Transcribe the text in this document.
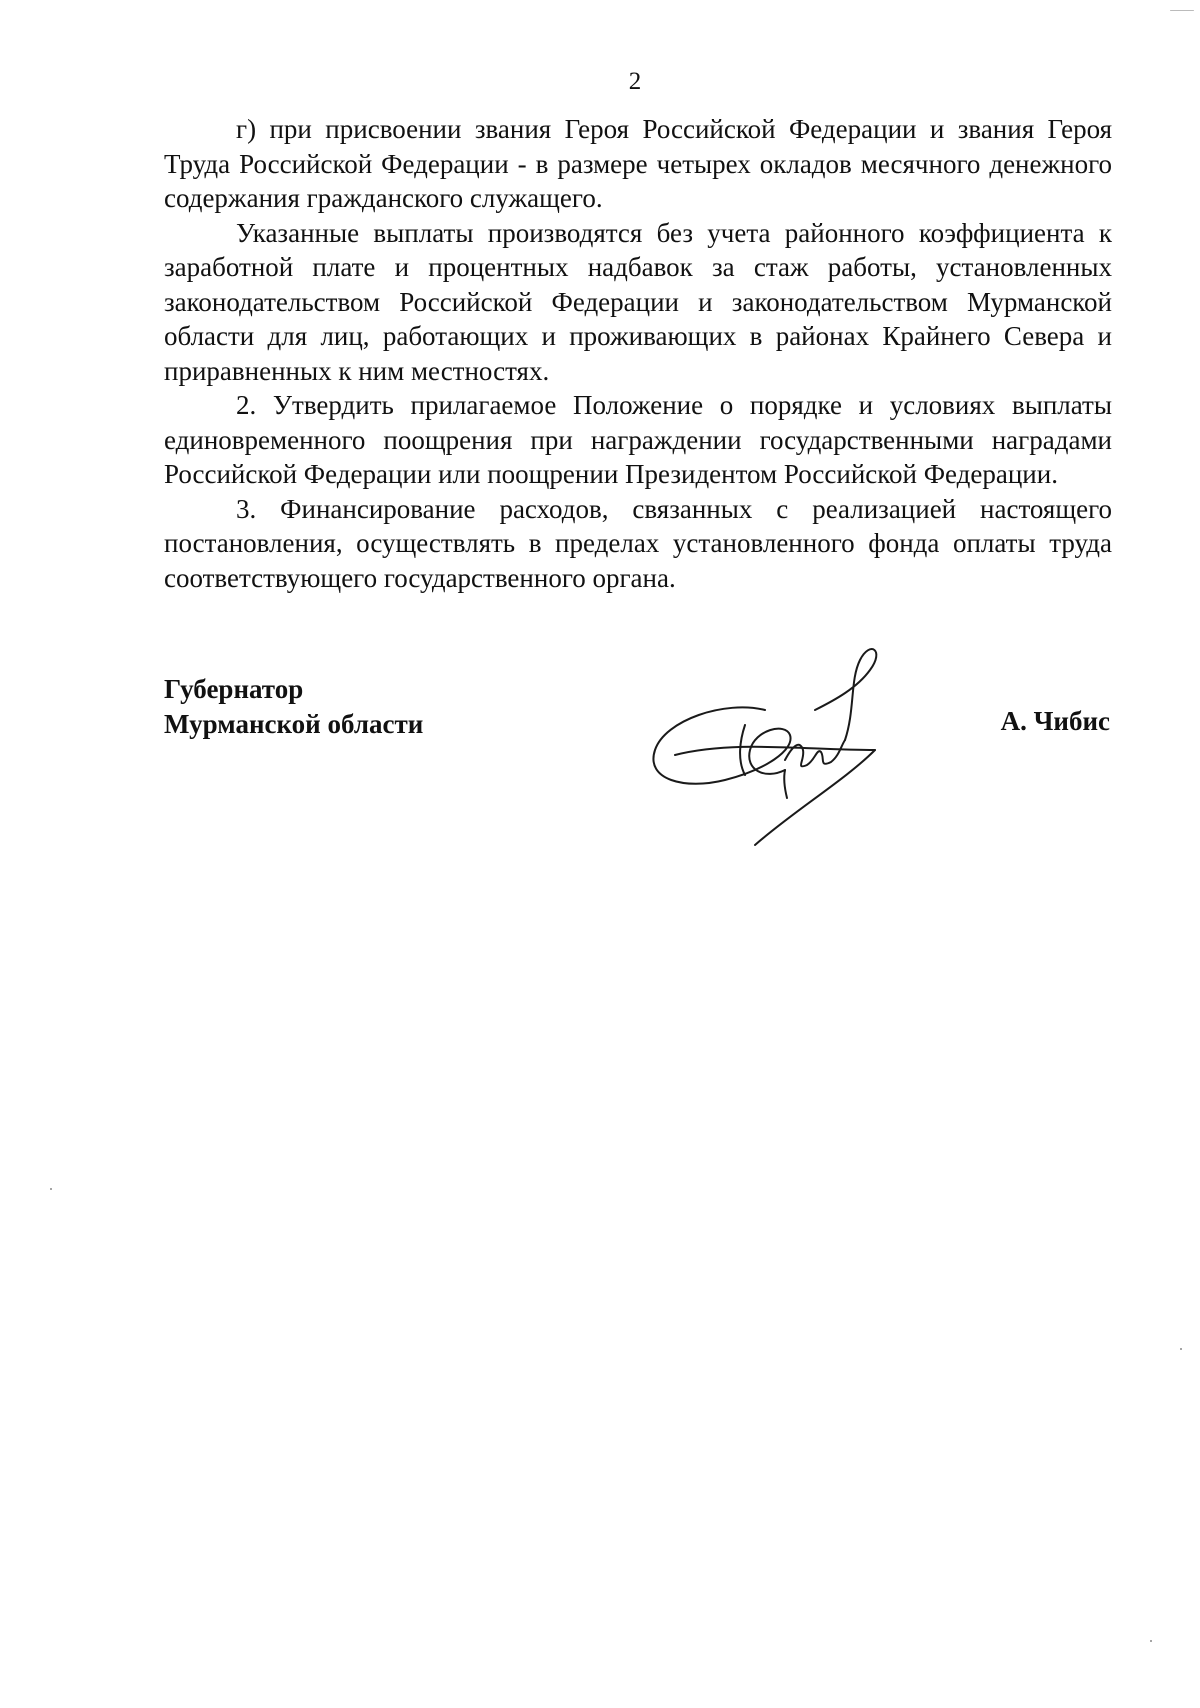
2

г) при присвоении звания Героя Российской Федерации и звания Героя Труда Российской Федерации - в размере четырех окладов месячного денежного содержания гражданского служащего.

Указанные выплаты производятся без учета районного коэффициента к заработной плате и процентных надбавок за стаж работы, установленных законодательством Российской Федерации и законодательством Мурманской области для лиц, работающих и проживающих в районах Крайнего Севера и приравненных к ним местностях.

2. Утвердить прилагаемое Положение о порядке и условиях выплаты единовременного поощрения при награждении государственными наградами Российской Федерации или поощрении Президентом Российской Федерации.

3. Финансирование расходов, связанных с реализацией настоящего постановления, осуществлять в пределах установленного фонда оплаты труда соответствующего государственного органа.

Губернатор
Мурманской области	А. Чибис
